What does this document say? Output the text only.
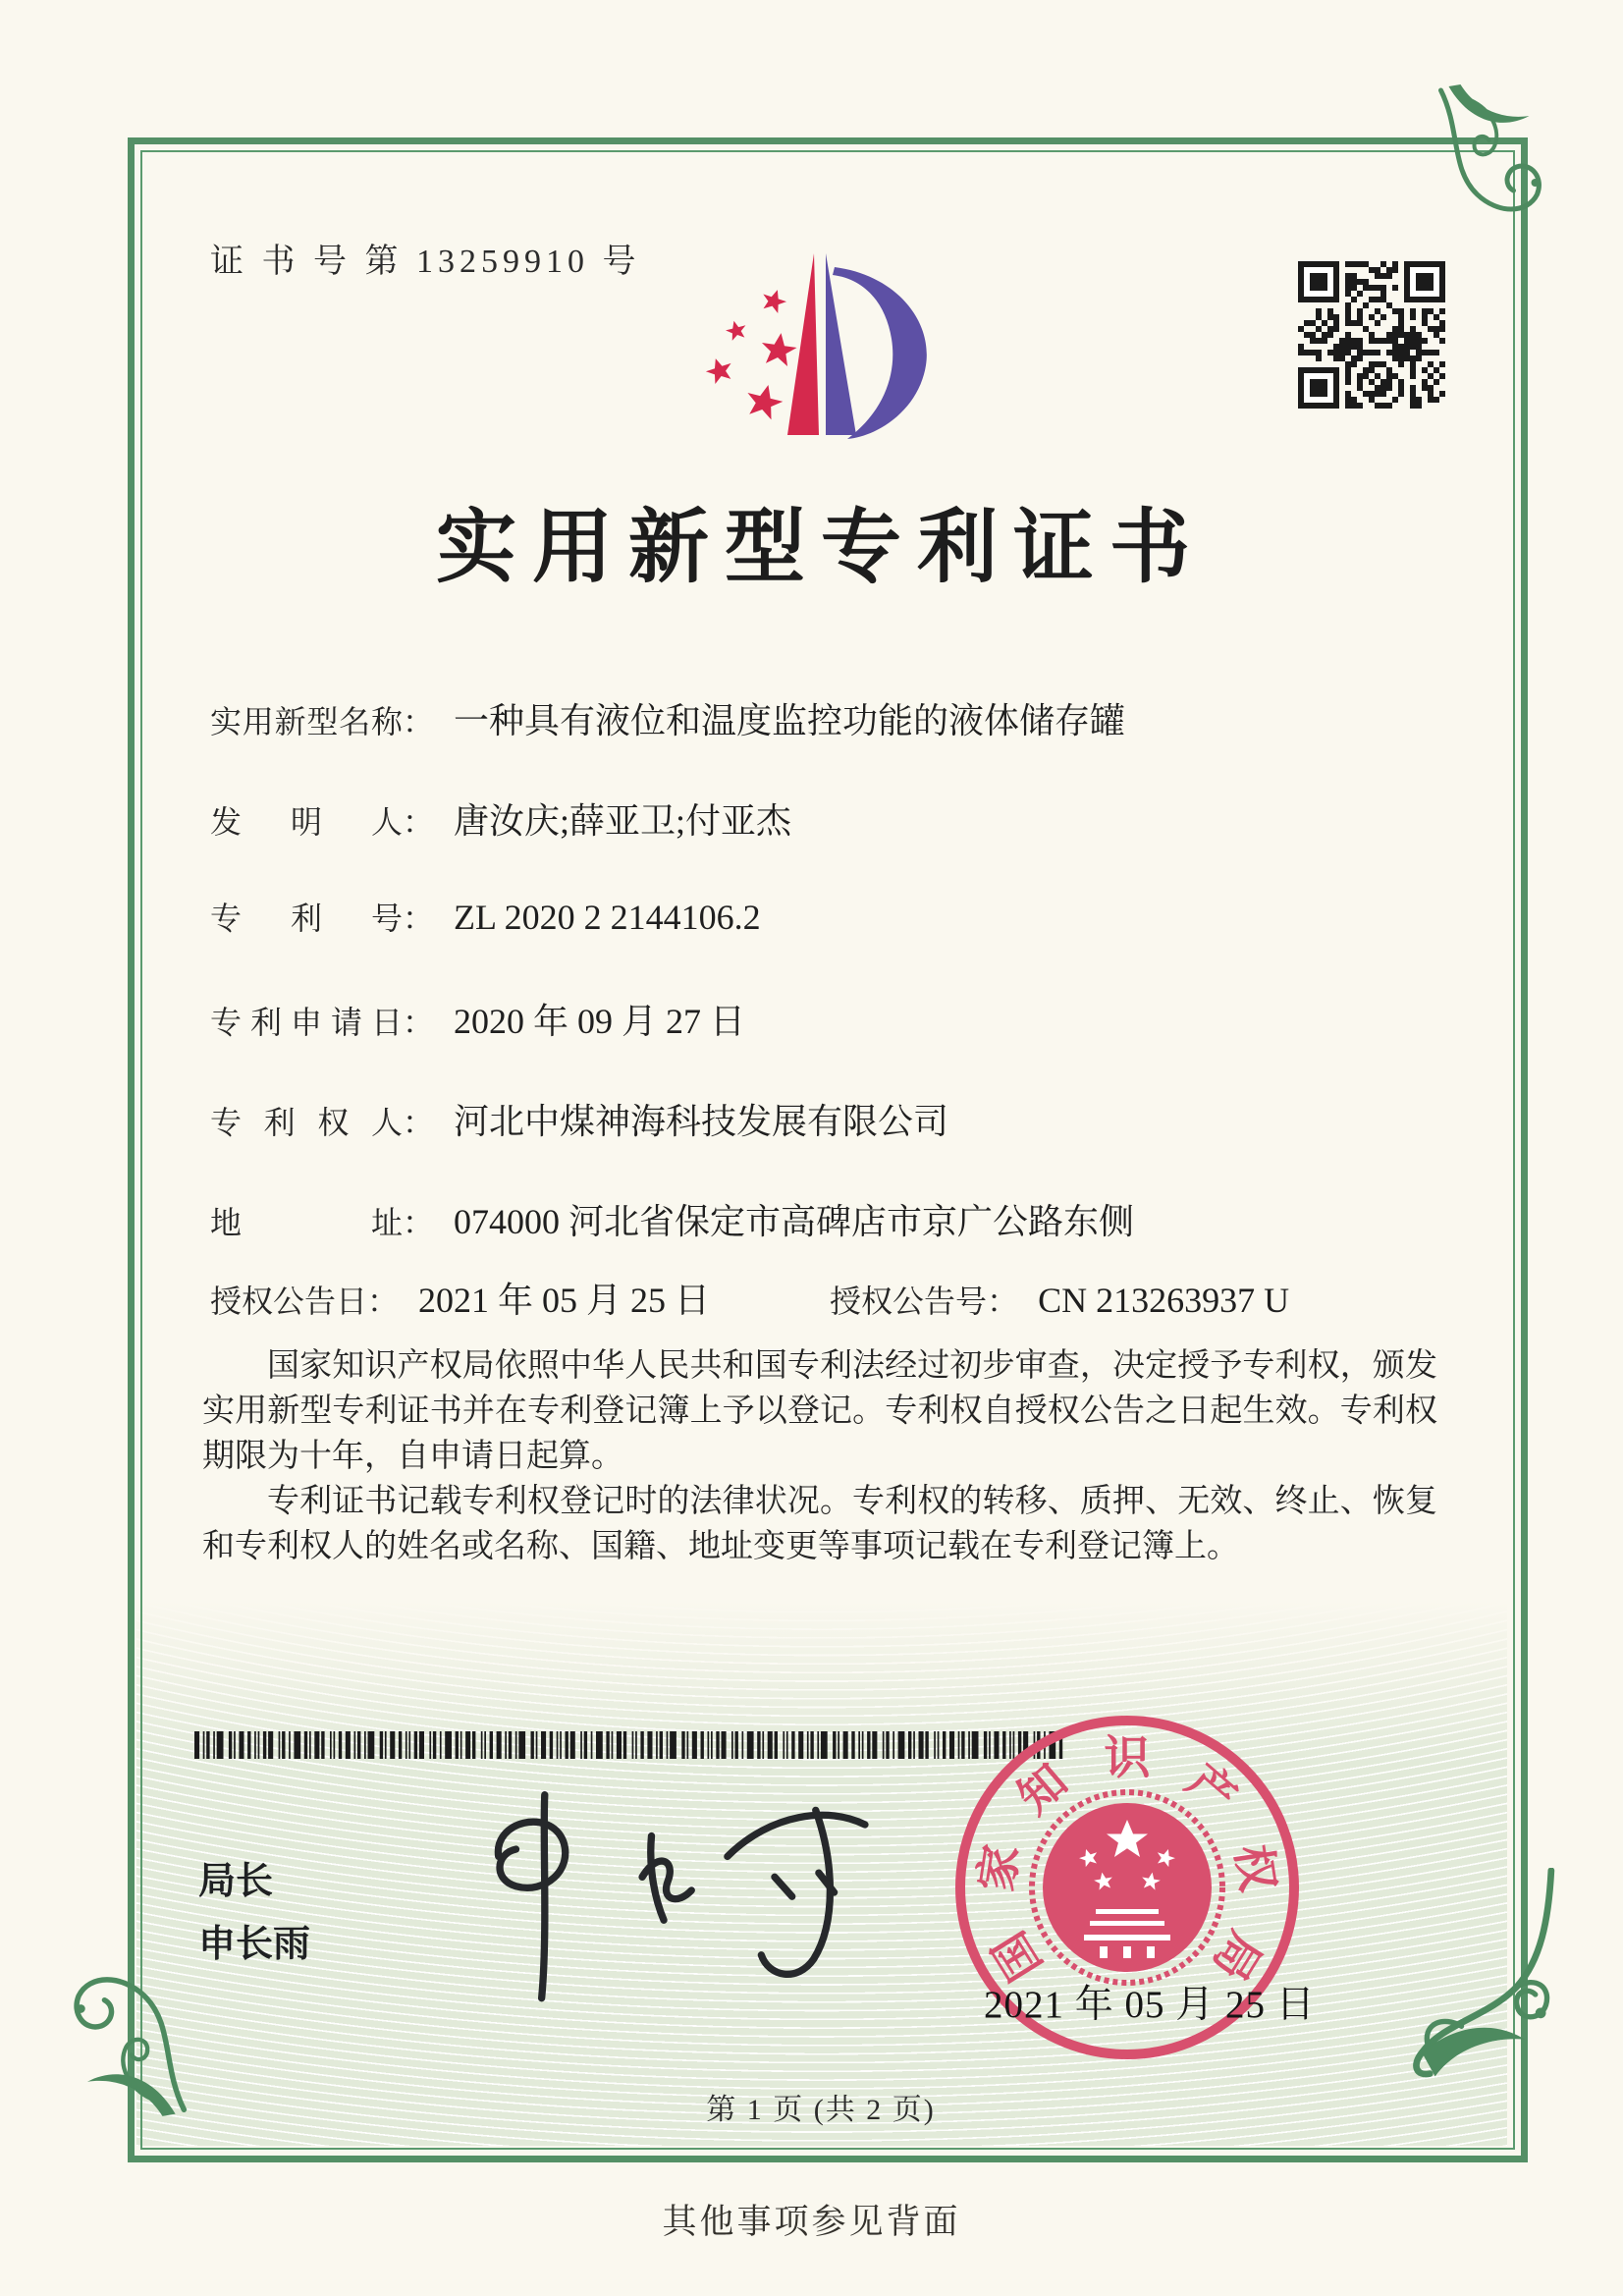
证 书 号 第 13259910 号
实用新型专利证书
实用新型名称： 一种具有液位和温度监控功能的液体储存罐
发明人： 唐汝庆;薛亚卫;付亚杰
专利号： ZL 2020 2 2144106.2
专利申请日： 2020 年 09 月 27 日
专利权人： 河北中煤神海科技发展有限公司
地址： 074000 河北省保定市高碑店市京广公路东侧
授权公告日： 2021 年 05 月 25 日	授权公告号： CN 213263937 U

国家知识产权局依照中华人民共和国专利法经过初步审查，决定授予专利权，颁发实用新型专利证书并在专利登记簿上予以登记。专利权自授权公告之日起生效。专利权期限为十年，自申请日起算。

专利证书记载专利权登记时的法律状况。专利权的转移、质押、无效、终止、恢复和专利权人的姓名或名称、国籍、地址变更等事项记载在专利登记簿上。

局长
申长雨	国
家
知 识 产
权
局
2021 年 05 月 25 日
第 1 页 (共 2 页)
其他事项参见背面
